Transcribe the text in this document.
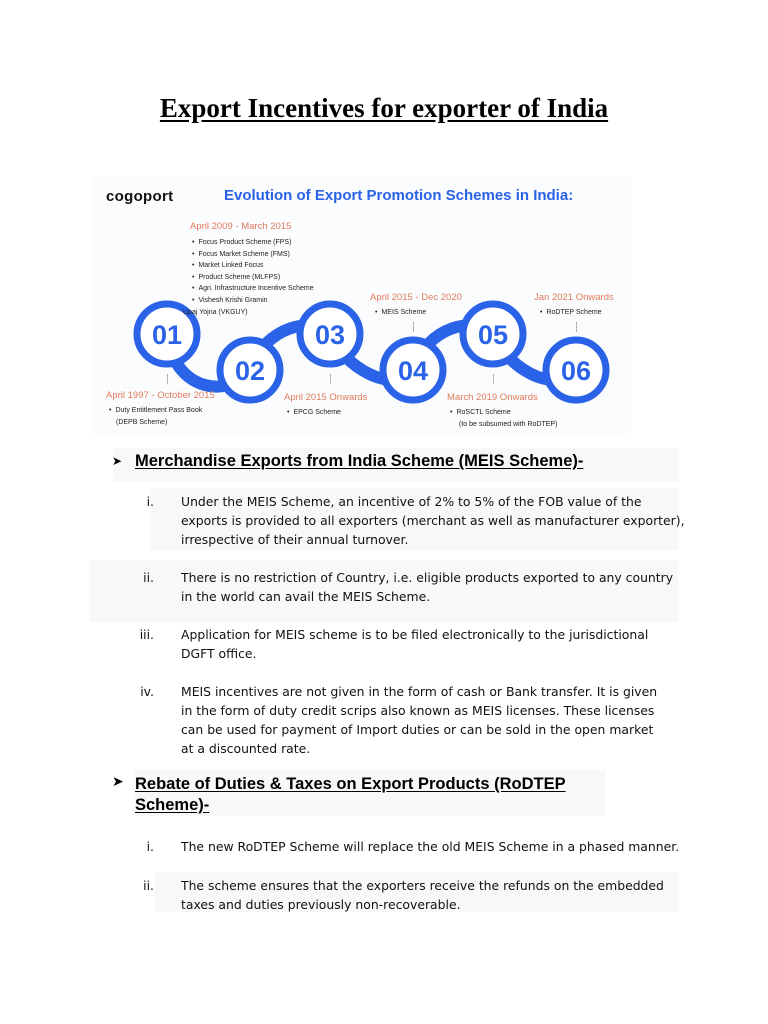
Export Incentives for exporter of India
cogoport	Evolution of Export Promotion Schemes in India:
01
02
03
04
05
06
April 1997 - October 2015
• Duty Entitlement Pass Book
(DEPB Scheme)
April 2009 - March 2015
• Focus Product Scheme (FPS)
• Focus Market Scheme (FMS)
• Market Linked Focus
• Product Scheme (MLFPS)
• Agri. Infrastructure Incentive Scheme
• Vishesh Krishi Gramin
Upaj Yojna (VKGUY)
April 2015 Onwards
• EPCG Scheme
April 2015 - Dec 2020
• MEIS Scheme
March 2019 Onwards
• RoSCTL Scheme
(to be subsumed with RoDTEP)
Jan 2021 Onwards
• RoDTEP Scheme
➤ Merchandise Exports from India Scheme (MEIS Scheme)-
i. Under the MEIS Scheme, an incentive of 2% to 5% of the FOB value of the
exports is provided to all exporters (merchant as well as manufacturer exporter),
irrespective of their annual turnover.
ii. There is no restriction of Country, i.e. eligible products exported to any country
in the world can avail the MEIS Scheme.
iii. Application for MEIS scheme is to be filed electronically to the jurisdictional
DGFT office.
iv. MEIS incentives are not given in the form of cash or Bank transfer. It is given
in the form of duty credit scrips also known as MEIS licenses. These licenses
can be used for payment of Import duties or can be sold in the open market
at a discounted rate.
➤ Rebate of Duties & Taxes on Export Products (RoDTEP
Scheme)-
i. The new RoDTEP Scheme will replace the old MEIS Scheme in a phased manner.
ii. The scheme ensures that the exporters receive the refunds on the embedded
taxes and duties previously non-recoverable.
